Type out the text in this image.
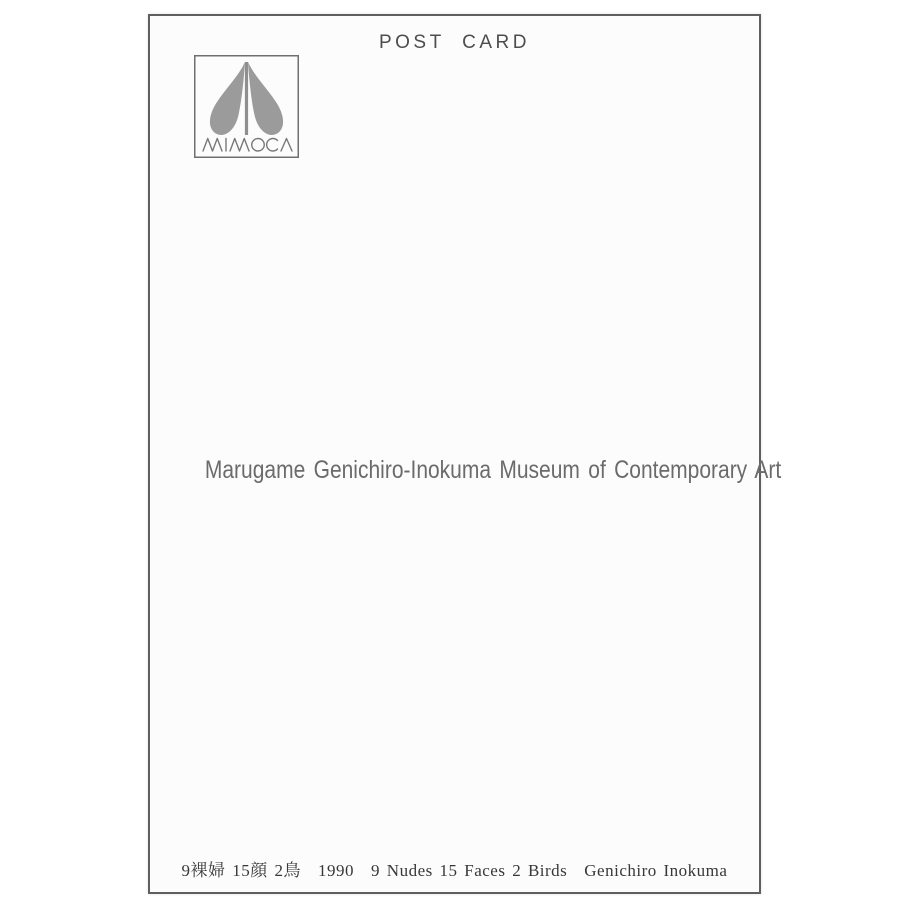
POST CARD
Marugame Genichiro-Inokuma Museum of Contemporary Art
9裸婦 15顔 2鳥 1990 9 Nudes 15 Faces 2 Birds Genichiro Inokuma
